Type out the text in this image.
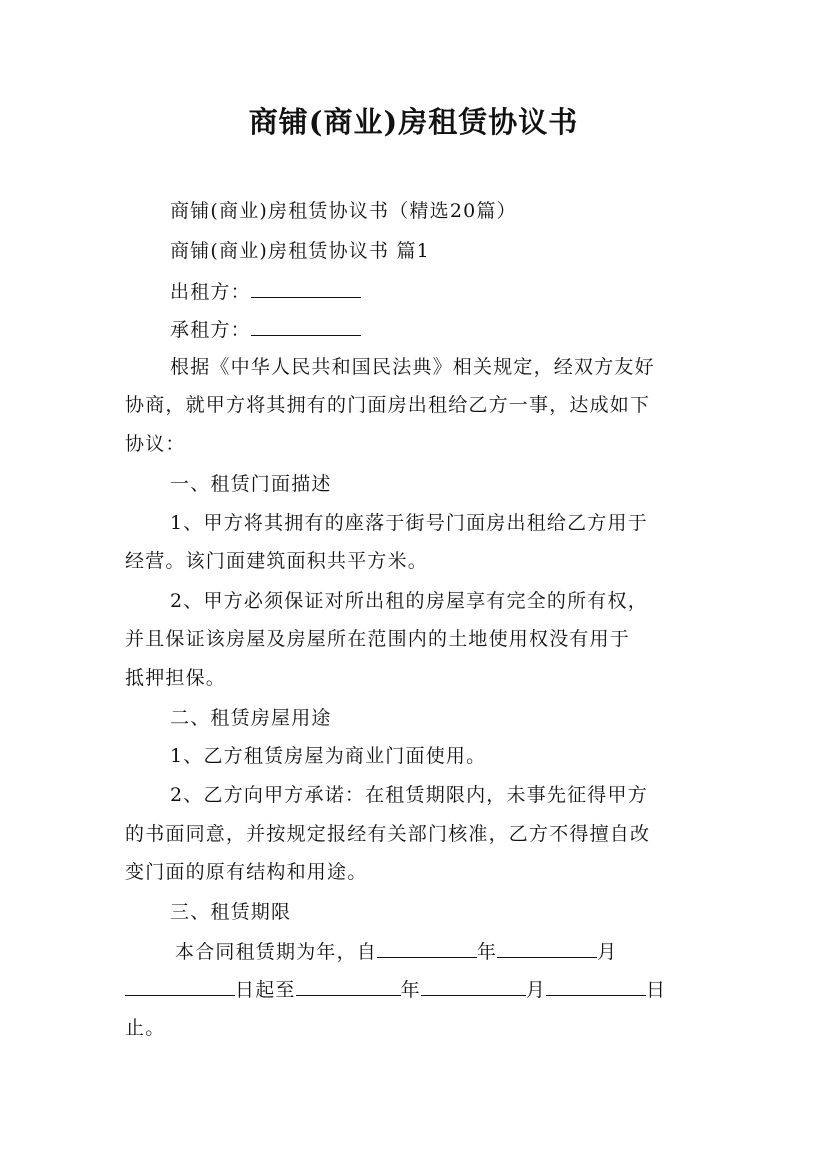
商铺(商业)房租赁协议书
商铺(商业)房租赁协议书（精选20篇）
商铺(商业)房租赁协议书 篇1
出租方：
承租方：
根据《中华人民共和国民法典》相关规定，经双方友好
协商，就甲方将其拥有的门面房出租给乙方一事，达成如下
协议：
一、租赁门面描述
1、甲方将其拥有的座落于街号门面房出租给乙方用于
经营。该门面建筑面积共平方米。
2、甲方必须保证对所出租的房屋享有完全的所有权，
并且保证该房屋及房屋所在范围内的土地使用权没有用于
抵押担保。
二、租赁房屋用途
1、乙方租赁房屋为商业门面使用。
2、乙方向甲方承诺：在租赁期限内，未事先征得甲方
的书面同意，并按规定报经有关部门核准，乙方不得擅自改
变门面的原有结构和用途。
三、租赁期限
本合同租赁期为年，自	年	月
日起至	年	月	日
止。
